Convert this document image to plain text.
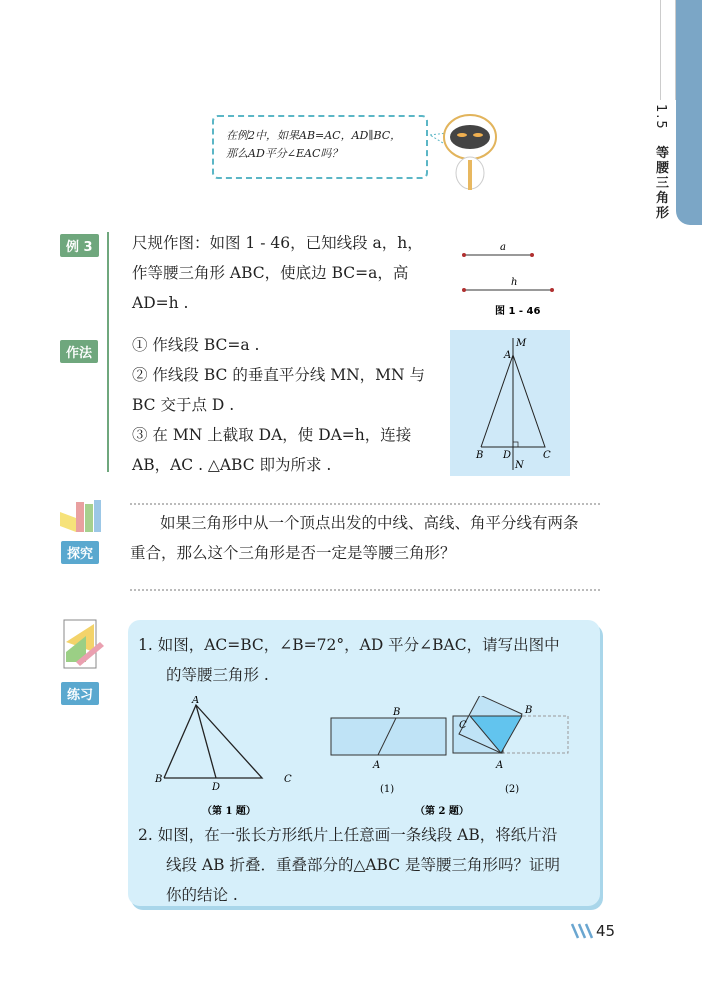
1.5　等腰三角形
在例2中，如果AB=AC，AD∥BC，
那么AD平分∠EAC吗？
例 3	尺规作图：如图 1 - 46，已知线段 a，h，
作等腰三角形 ABC，使底边 BC=a，高
AD=h .
作法	① 作线段 BC=a .
② 作线段 BC 的垂直平分线 MN，MN 与
BC 交于点 D .
③ 在 MN 上截取 DA，使 DA=h，连接
AB，AC . △ABC 即为所求 .
a
h
图 1 - 46
M
A
B D	C
N
探究
如果三角形中从一个顶点出发的中线、高线、角平分线有两条
重合，那么这个三角形是否一定是等腰三角形？
练习
1. 如图，AC=BC，∠B=72°，AD 平分∠BAC，请写出图中
的等腰三角形 .
A
B
D
C
（第 1 题）
B
A
B
C
A
(1)	(2)
（第 2 题）
2. 如图，在一张长方形纸片上任意画一条线段 AB，将纸片沿
线段 AB 折叠．重叠部分的△ABC 是等腰三角形吗？证明
你的结论 .
45
